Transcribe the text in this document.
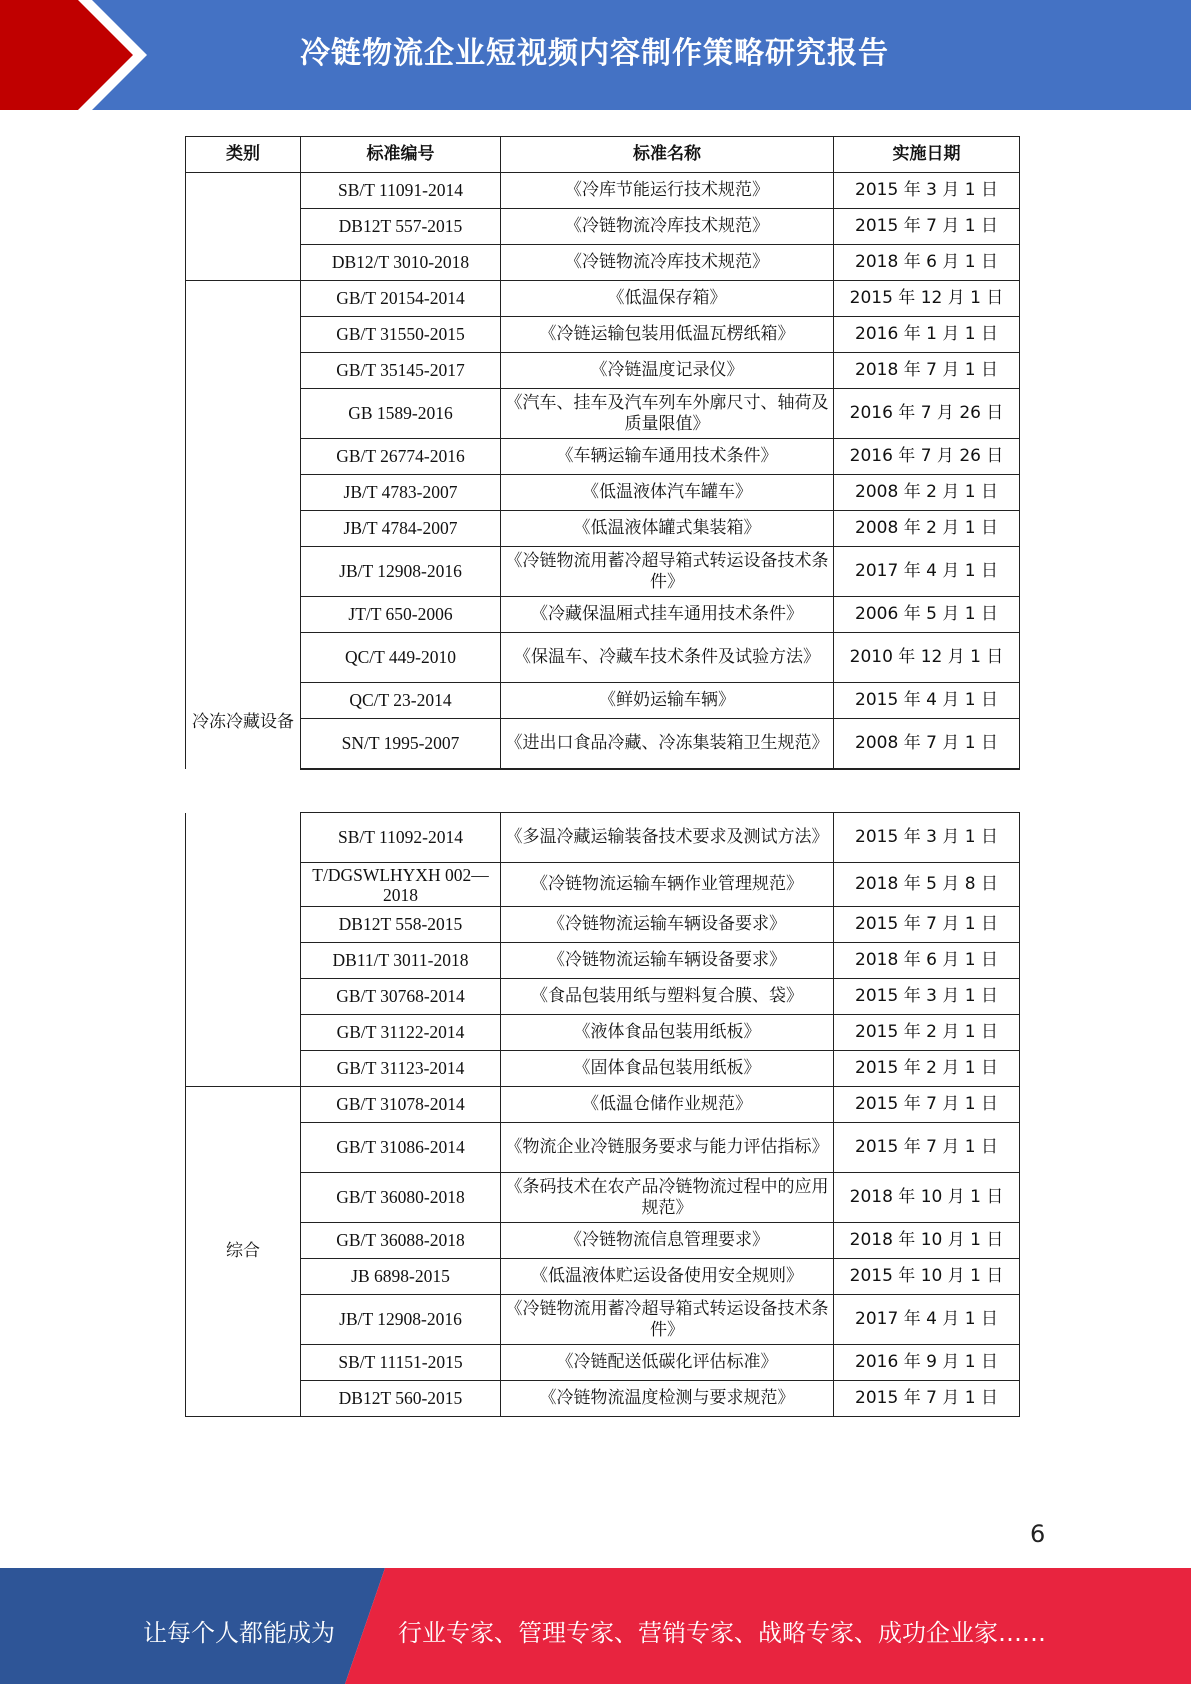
冷链物流企业短视频内容制作策略研究报告
类别	标准编号	标准名称	实施日期
	SB/T 11091-2014	《冷库节能运行技术规范》	2015 年 3 月 1 日
	DB12T 557-2015	《冷链物流冷库技术规范》	2015 年 7 月 1 日
	DB12/T 3010-2018	《冷链物流冷库技术规范》	2018 年 6 月 1 日
冷冻冷藏设备	GB/T 20154-2014	《低温保存箱》	2015 年 12 月 1 日
	GB/T 31550-2015	《冷链运输包装用低温瓦楞纸箱》	2016 年 1 月 1 日
	GB/T 35145-2017	《冷链温度记录仪》	2018 年 7 月 1 日
	GB 1589-2016	《汽车、挂车及汽车列车外廓尺寸、轴荷及质量限值》	2016 年 7 月 26 日
	GB/T 26774-2016	《车辆运输车通用技术条件》	2016 年 7 月 26 日
	JB/T 4783-2007	《低温液体汽车罐车》	2008 年 2 月 1 日
	JB/T 4784-2007	《低温液体罐式集装箱》	2008 年 2 月 1 日
	JB/T 12908-2016	《冷链物流用蓄冷超导箱式转运设备技术条件》	2017 年 4 月 1 日
	JT/T 650-2006	《冷藏保温厢式挂车通用技术条件》	2006 年 5 月 1 日
	QC/T 449-2010	《保温车、冷藏车技术条件及试验方法》	2010 年 12 月 1 日
	QC/T 23-2014	《鲜奶运输车辆》	2015 年 4 月 1 日
	SN/T 1995-2007	《进出口食品冷藏、冷冻集装箱卫生规范》	2008 年 7 月 1 日
	SB/T 11092-2014	《多温冷藏运输装备技术要求及测试方法》	2015 年 3 月 1 日
	T/DGSWLHYXH 002—2018	《冷链物流运输车辆作业管理规范》	2018 年 5 月 8 日
	DB12T 558-2015	《冷链物流运输车辆设备要求》	2015 年 7 月 1 日
	DB11/T 3011-2018	《冷链物流运输车辆设备要求》	2018 年 6 月 1 日
	GB/T 30768-2014	《食品包装用纸与塑料复合膜、袋》	2015 年 3 月 1 日
	GB/T 31122-2014	《液体食品包装用纸板》	2015 年 2 月 1 日
	GB/T 31123-2014	《固体食品包装用纸板》	2015 年 2 月 1 日
综合	GB/T 31078-2014	《低温仓储作业规范》	2015 年 7 月 1 日
	GB/T 31086-2014	《物流企业冷链服务要求与能力评估指标》	2015 年 7 月 1 日
	GB/T 36080-2018	《条码技术在农产品冷链物流过程中的应用规范》	2018 年 10 月 1 日
	GB/T 36088-2018	《冷链物流信息管理要求》	2018 年 10 月 1 日
	JB 6898-2015	《低温液体贮运设备使用安全规则》	2015 年 10 月 1 日
	JB/T 12908-2016	《冷链物流用蓄冷超导箱式转运设备技术条件》	2017 年 4 月 1 日
	SB/T 11151-2015	《冷链配送低碳化评估标准》	2016 年 9 月 1 日
	DB12T 560-2015	《冷链物流温度检测与要求规范》	2015 年 7 月 1 日
6
让每个人都能成为	行业专家、管理专家、营销专家、战略专家、成功企业家……
